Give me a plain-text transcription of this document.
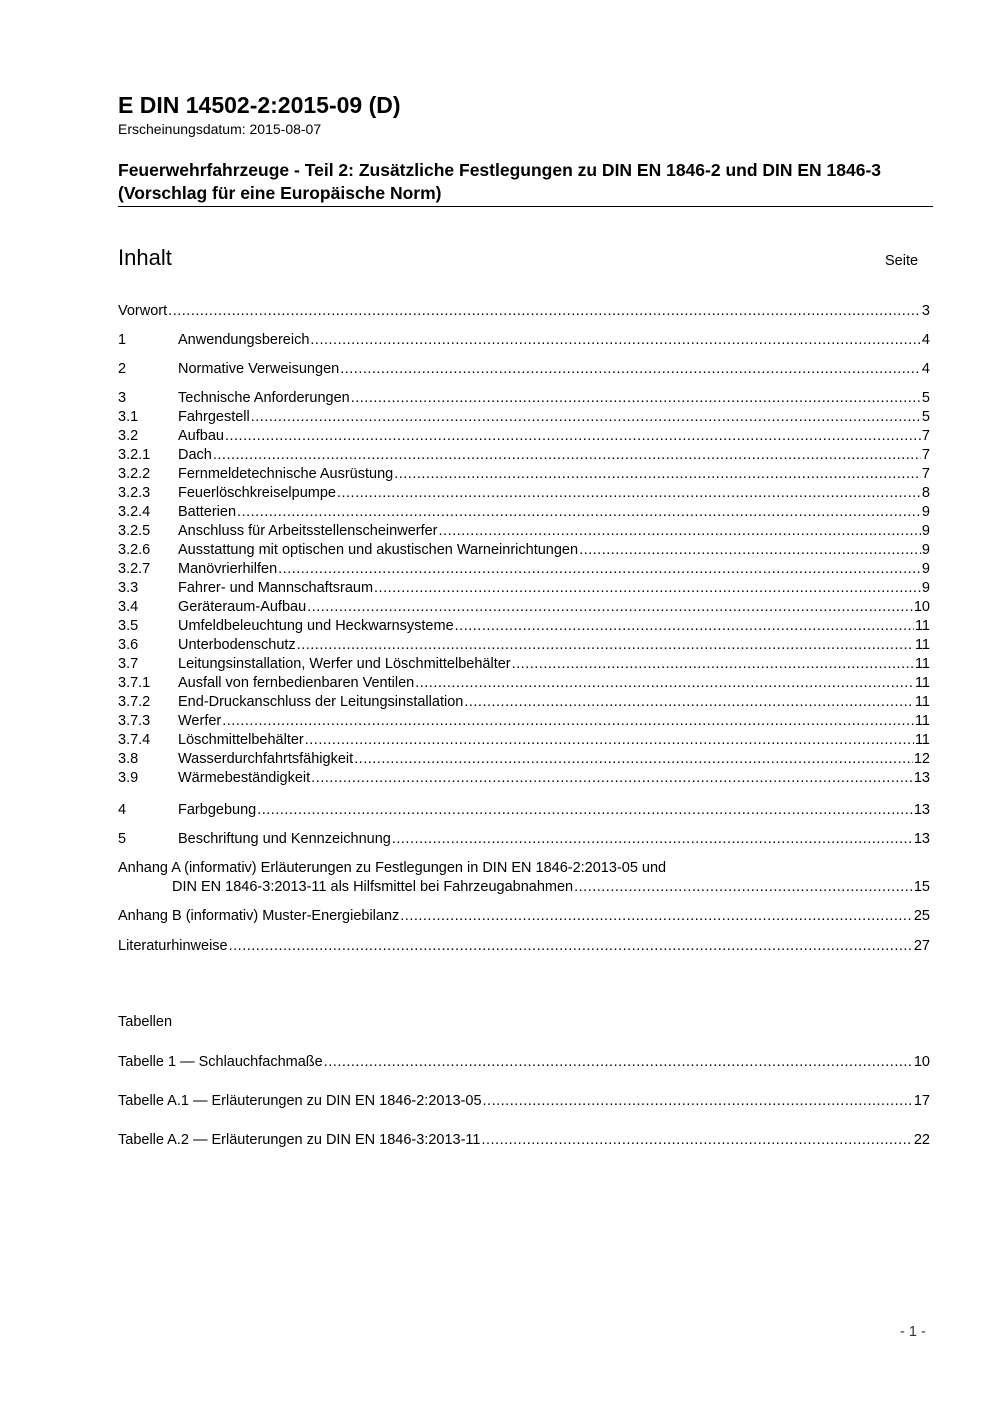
E DIN 14502-2:2015-09 (D)
Erscheinungsdatum: 2015-08-07
Feuerwehrfahrzeuge - Teil 2: Zusätzliche Festlegungen zu DIN EN 1846-2 und DIN EN 1846-3 (Vorschlag für eine Europäische Norm)
Inhalt	Seite
Vorwort .....	3
1	Anwendungsbereich .....	4
2	Normative Verweisungen .....	4
3	Technische Anforderungen .....	5
3.1	Fahrgestell .....	5
3.2	Aufbau .....	7
3.2.1	Dach .....	7
3.2.2	Fernmeldetechnische Ausrüstung .....	7
3.2.3	Feuerlöschkreiselpumpe .....	8
3.2.4	Batterien .....	9
3.2.5	Anschluss für Arbeitsstellenscheinwerfer .....	9
3.2.6	Ausstattung mit optischen und akustischen Warneinrichtungen .....	9
3.2.7	Manövrierhilfen .....	9
3.3	Fahrer- und Mannschaftsraum .....	9
3.4	Geräteraum-Aufbau .....	10
3.5	Umfeldbeleuchtung und Heckwarnsysteme .....	11
3.6	Unterbodenschutz .....	11
3.7	Leitungsinstallation, Werfer und Löschmittelbehälter .....	11
3.7.1	Ausfall von fernbedienbaren Ventilen .....	11
3.7.2	End-Druckanschluss der Leitungsinstallation .....	11
3.7.3	Werfer .....	11
3.7.4	Löschmittelbehälter .....	11
3.8	Wasserdurchfahrtsfähigkeit .....	12
3.9	Wärmebeständigkeit .....	13
4	Farbgebung .....	13
5	Beschriftung und Kennzeichnung .....	13
Anhang A (informativ) Erläuterungen zu Festlegungen in DIN EN 1846-2:2013-05 und
DIN EN 1846-3:2013-11 als Hilfsmittel bei Fahrzeugabnahmen .....	15
Anhang B (informativ) Muster-Energiebilanz .....	25
Literaturhinweise .....	27
Tabellen
Tabelle 1 — Schlauchfachmaße .....	10
Tabelle A.1 — Erläuterungen zu DIN EN 1846-2:2013-05 .....	17
Tabelle A.2 — Erläuterungen zu DIN EN 1846-3:2013-11 .....	22
- 1 -
